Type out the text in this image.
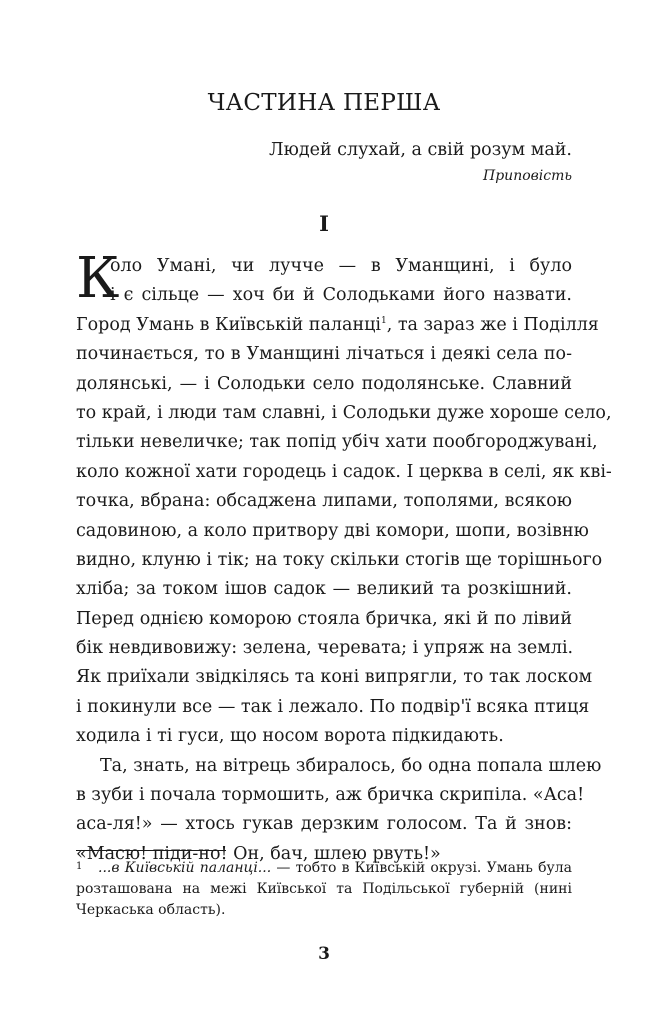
ЧАСТИНА ПЕРША
Людей слухай, а свій розум май.
Приповість
I
К
оло Умані, чи лучче — в Уманщині, і було
і є сільце — хоч би й Солодьками його назвати.
Город Умань в Київській паланці$^1$, та зараз же і Поділля
починається, то в Уманщині лічаться і деякі села по-
долянські, — і Солодьки село подолянське. Славний
то край, і люди там славні, і Солодьки дуже хороше село,
тільки невеличке; так попід убіч хати пообгороджувані,
коло кожної хати городець і садок. І церква в селі, як кві-
точка, вбрана: обсаджена липами, тополями, всякою
садовиною, а коло притвору дві комори, шопи, возівню
видно, клуню і тік; на току скільки стогів ще торішнього
хліба; за током ішов садок — великий та розкішний.
Перед однією коморою стояла бричка, які й по лівий
бік невдивовижу: зелена, черевата; і упряж на землі.
Як приїхали звідкілясь та коні випрягли, то так лоском
і покинули все — так і лежало. По подвір'ї всяка птиця
ходила і ті гуси, що носом ворота підкидають.
Та, знать, на вітрець збиралось, бо одна попала шлею
в зуби і почала тормошить, аж бричка скрипіла. «Аса!
аса-ля!» — хтось гукав дерзким голосом. Та й знов:
«Масю! піди-но! Он, бач, шлею рвуть!»
1	...в Київській паланці... — тобто в Київській окрузі. Умань була
розташована на межі Київської та Подільської губерній (нині
Черкаська область).
3
